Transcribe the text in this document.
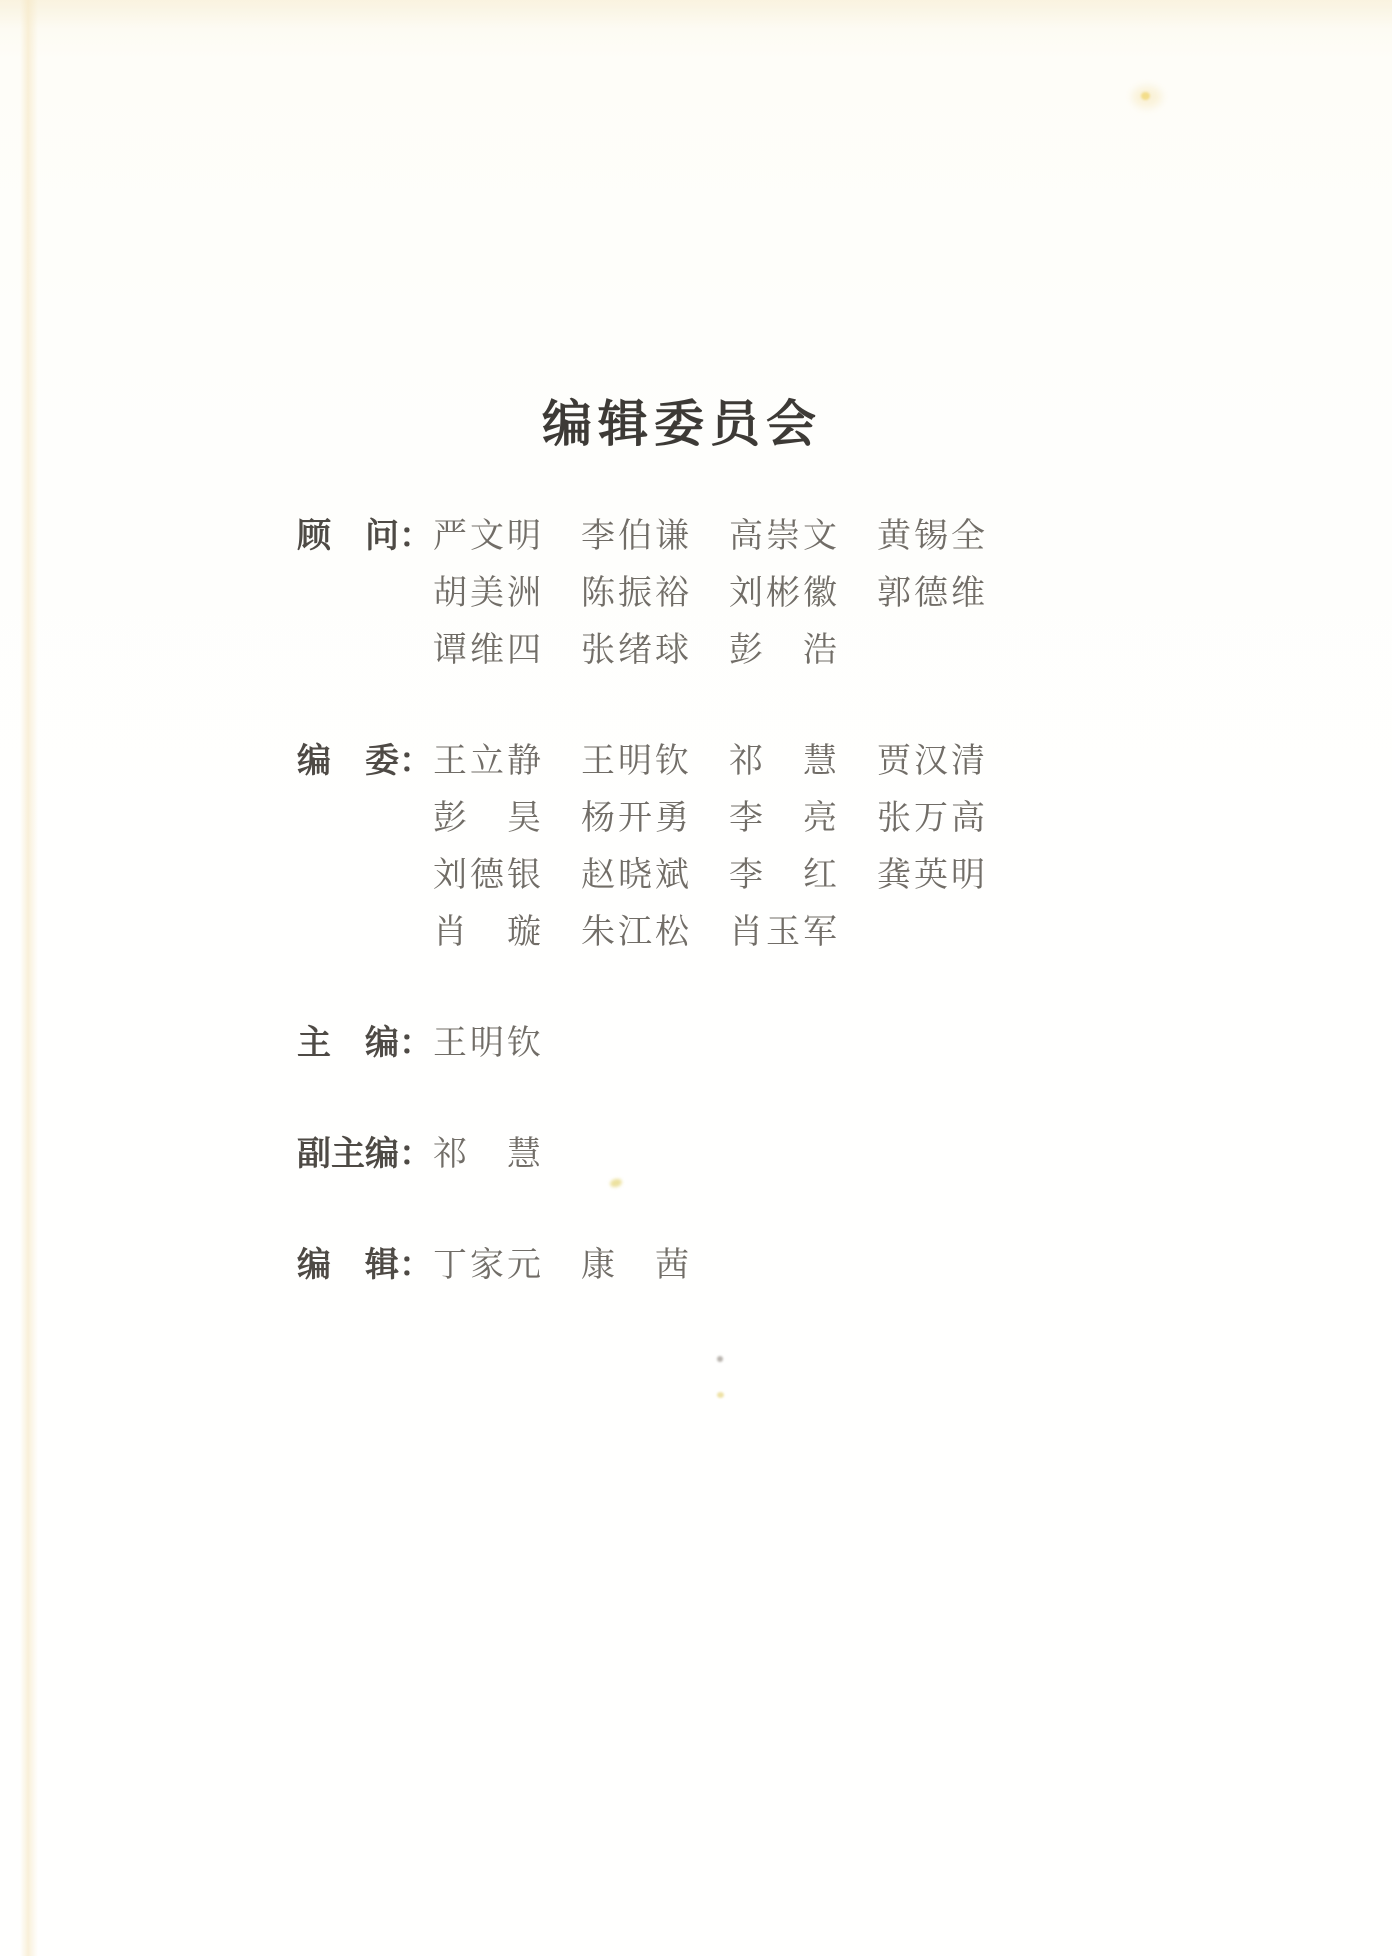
编辑委员会
顾　问： 严文明	李伯谦	高崇文	黄锡全
胡美洲	陈振裕	刘彬徽	郭德维
谭维四	张绪球	彭　浩
编　委： 王立静	王明钦	祁　慧	贾汉清
彭　昊	杨开勇	李　亮	张万高
刘德银	赵晓斌	李　红	龚英明
肖　璇	朱江松	肖玉军
主　编： 王明钦
副主编： 祁　慧
编　辑： 丁家元	康　茜
